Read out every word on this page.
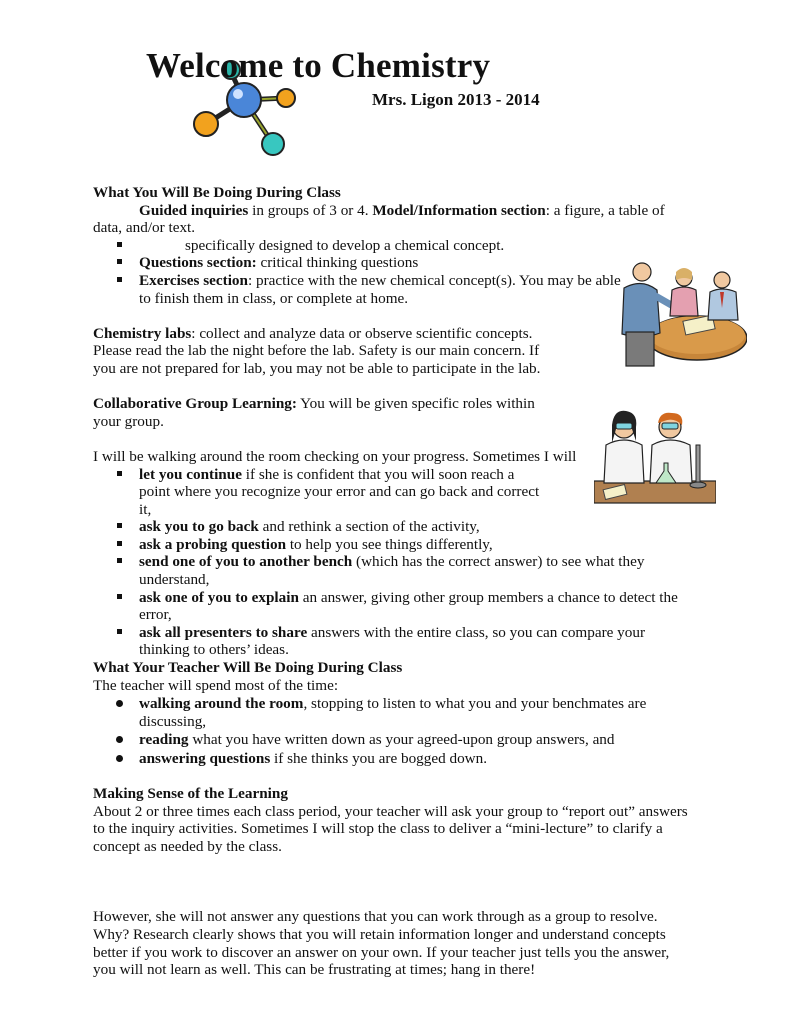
Welcome to Chemistry
Mrs. Ligon 2013 - 2014

What You Will Be Doing During Class

Guided inquiries in groups of 3 or 4. Model/Information section: a figure, a table of data, and/or text.

specifically designed to develop a chemical concept.
Questions section: critical thinking questions
Exercises section: practice with the new chemical concept(s). You may be able to finish them in class, or complete at home.

Chemistry labs: collect and analyze data or observe scientific concepts. Please read the lab the night before the lab. Safety is our main concern. If you are not prepared for lab, you may not be able to participate in the lab.

Collaborative Group Learning: You will be given specific roles within your group.

I will be walking around the room checking on your progress. Sometimes I will

let you continue if she is confident that you will soon reach a point where you recognize your error and can go back and correct it,
ask you to go back and rethink a section of the activity,
ask a probing question to help you see things differently,
send one of you to another bench (which has the correct answer) to see what they understand,
ask one of you to explain an answer, giving other group members a chance to detect the error,
ask all presenters to share answers with the entire class, so you can compare your thinking to others’ ideas.

What Your Teacher Will Be Doing During Class

The teacher will spend most of the time:

walking around the room, stopping to listen to what you and your benchmates are discussing,
reading what you have written down as your agreed-upon group answers, and
answering questions if she thinks you are bogged down.

Making Sense of the Learning

About 2 or three times each class period, your teacher will ask your group to “report out” answers to the inquiry activities. Sometimes I will stop the class to deliver a “mini-lecture” to clarify a concept as needed by the class.

However, she will not answer any questions that you can work through as a group to resolve. Why? Research clearly shows that you will retain information longer and understand concepts better if you work to discover an answer on your own. If your teacher just tells you the answer, you will not learn as well. This can be frustrating at times; hang in there!
